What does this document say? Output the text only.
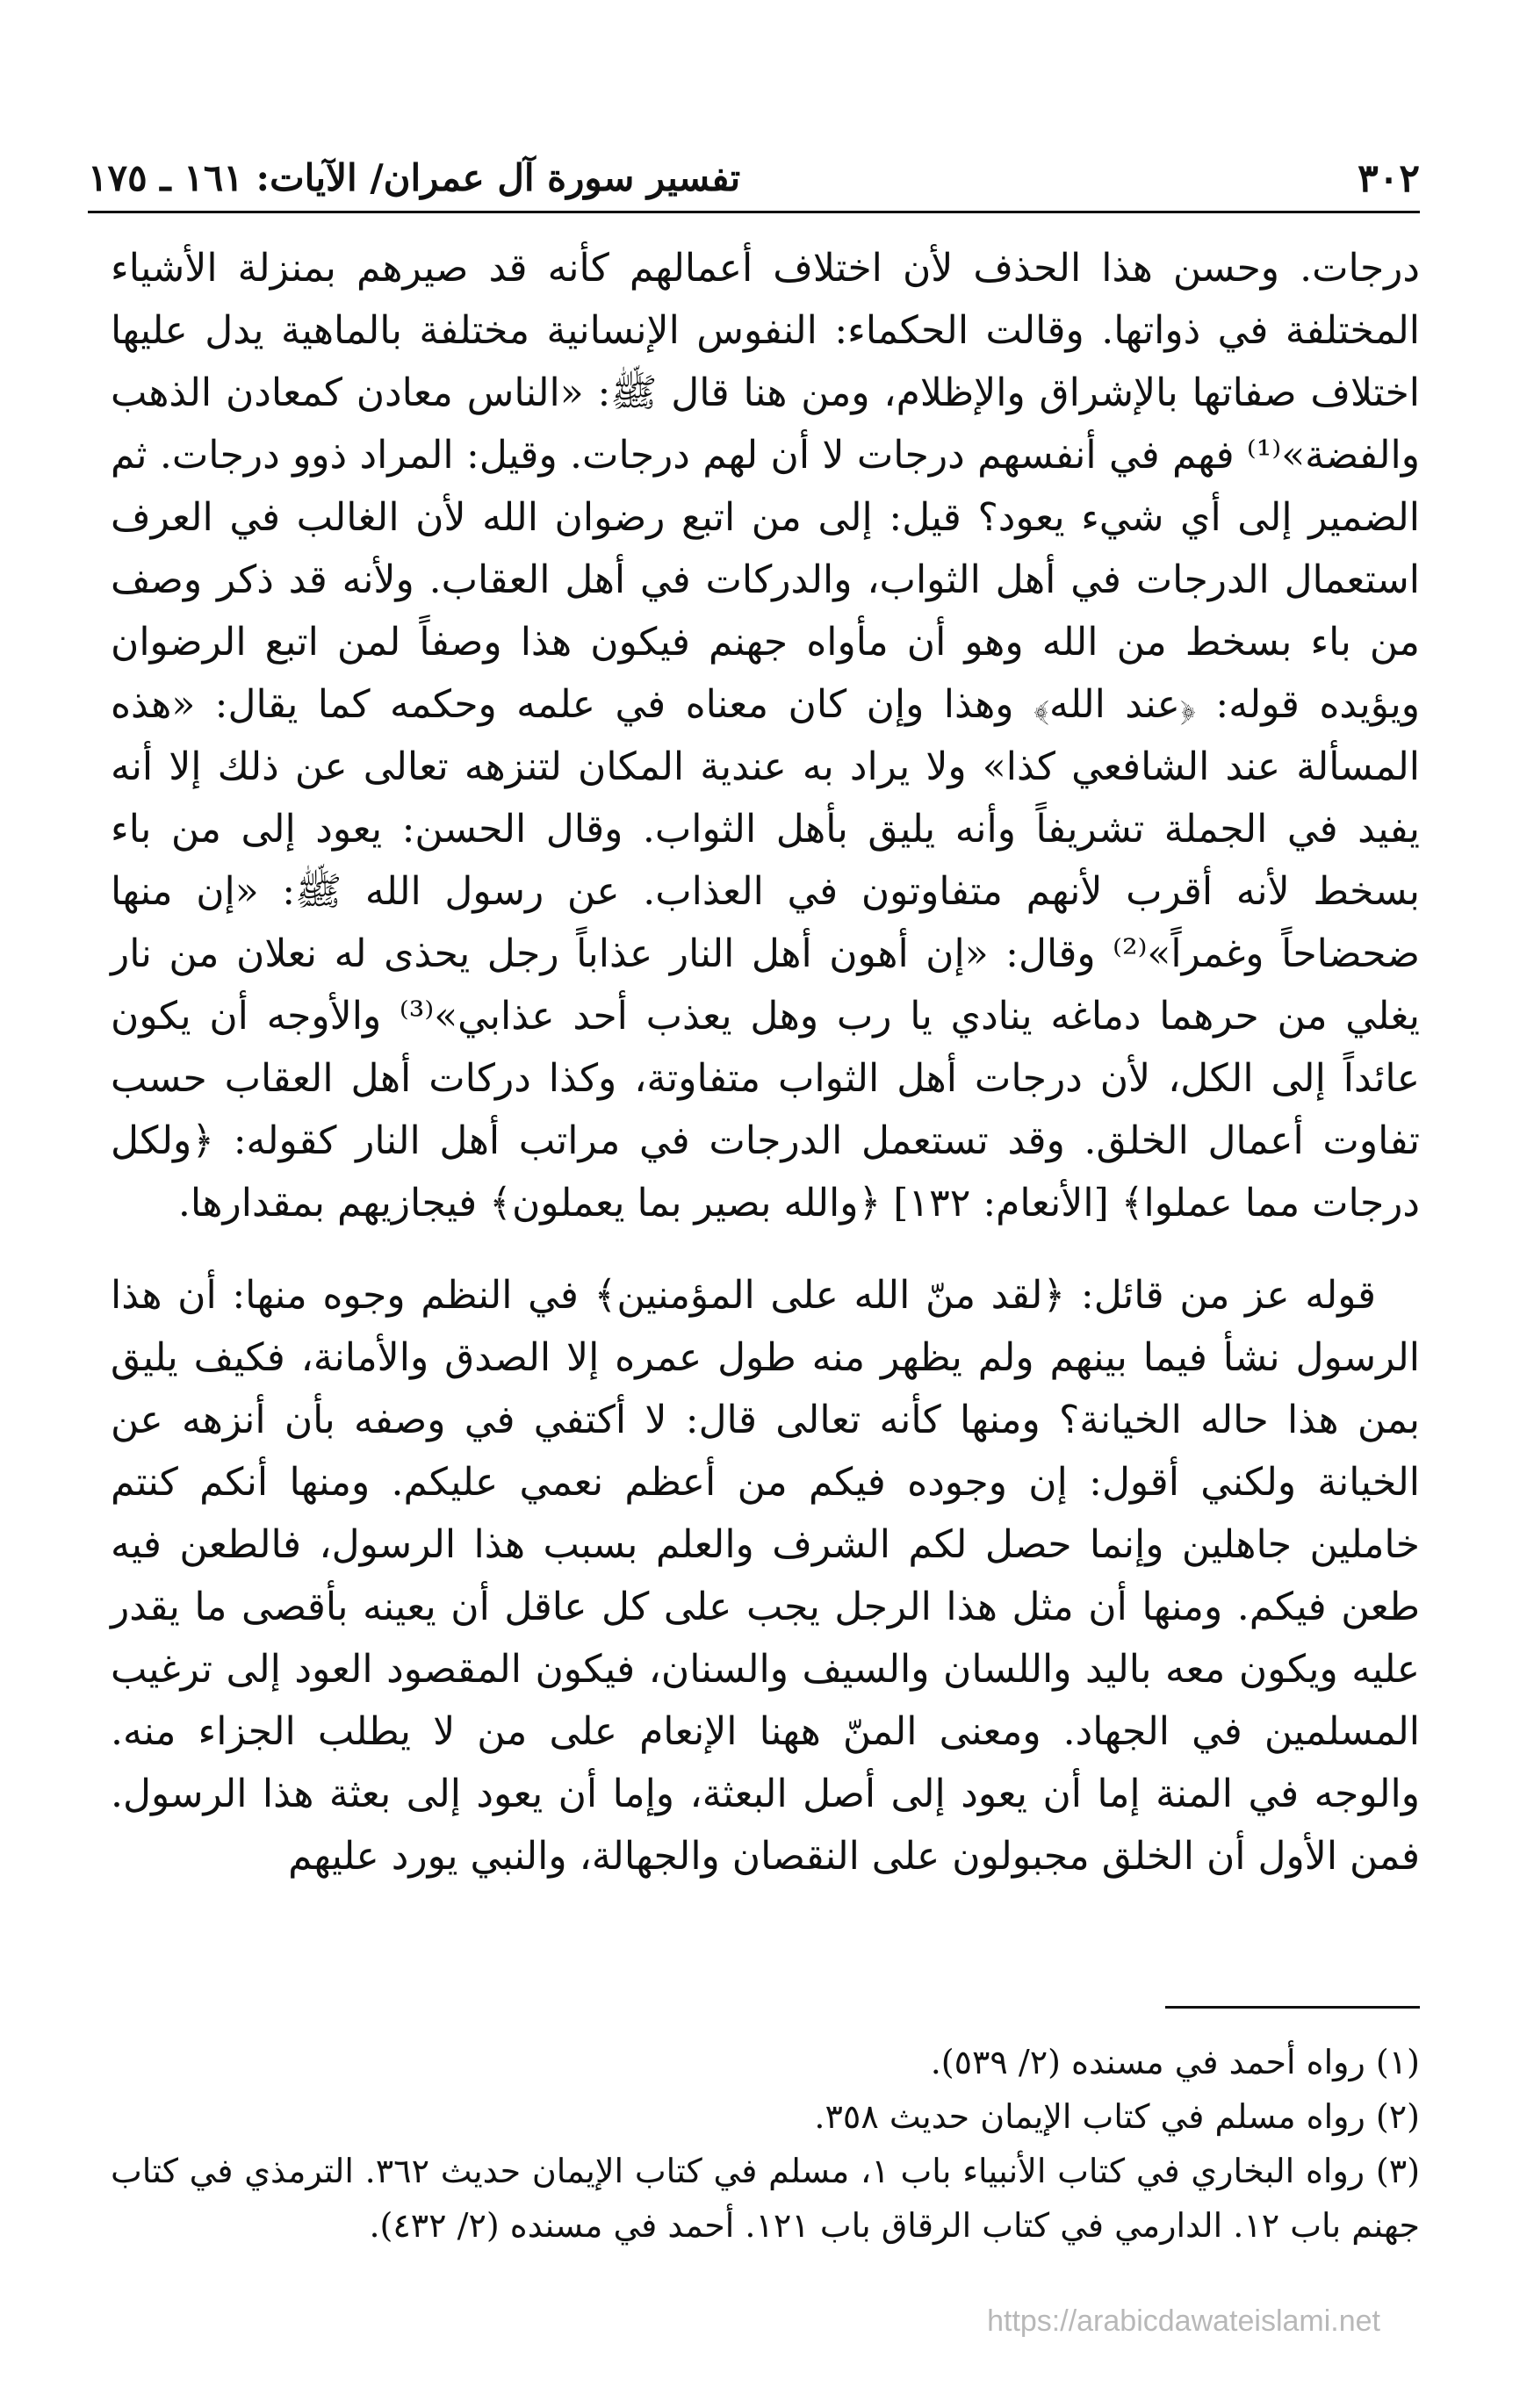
٣٠٢
تفسير سورة آل عمران/ الآيات: ١٦١ ـ ١٧٥

درجات. وحسن هذا الحذف لأن اختلاف أعمالهم كأنه قد صيرهم بمنزلة الأشياء المختلفة في ذواتها. وقالت الحكماء: النفوس الإنسانية مختلفة بالماهية يدل عليها اختلاف صفاتها بالإشراق والإظلام، ومن هنا قال ﷺ: «الناس معادن كمعادن الذهب والفضة»⁽¹⁾ فهم في أنفسهم درجات لا أن لهم درجات. وقيل: المراد ذوو درجات. ثم الضمير إلى أي شيء يعود؟ قيل: إلى من اتبع رضوان الله لأن الغالب في العرف استعمال الدرجات في أهل الثواب، والدركات في أهل العقاب. ولأنه قد ذكر وصف من باء بسخط من الله وهو أن مأواه جهنم فيكون هذا وصفاً لمن اتبع الرضوان ويؤيده قوله: ﴿عند الله﴾ وهذا وإن كان معناه في علمه وحكمه كما يقال: «هذه المسألة عند الشافعي كذا» ولا يراد به عندية المكان لتنزهه تعالى عن ذلك إلا أنه يفيد في الجملة تشريفاً وأنه يليق بأهل الثواب. وقال الحسن: يعود إلى من باء بسخط لأنه أقرب لأنهم متفاوتون في العذاب. عن رسول الله ﷺ: «إن منها ضحضاحاً وغمراً»⁽²⁾ وقال: «إن أهون أهل النار عذاباً رجل يحذى له نعلان من نار يغلي من حرهما دماغه ينادي يا رب وهل يعذب أحد عذابي»⁽³⁾ والأوجه أن يكون عائداً إلى الكل، لأن درجات أهل الثواب متفاوتة، وكذا دركات أهل العقاب حسب تفاوت أعمال الخلق. وقد تستعمل الدرجات في مراتب أهل النار كقوله: ﴿ولكل درجات مما عملوا﴾ [الأنعام: ١٣٢] ﴿والله بصير بما يعملون﴾ فيجازيهم بمقدارها.

قوله عز من قائل: ﴿لقد منّ الله على المؤمنين﴾ في النظم وجوه منها: أن هذا الرسول نشأ فيما بينهم ولم يظهر منه طول عمره إلا الصدق والأمانة، فكيف يليق بمن هذا حاله الخيانة؟ ومنها كأنه تعالى قال: لا أكتفي في وصفه بأن أنزهه عن الخيانة ولكني أقول: إن وجوده فيكم من أعظم نعمي عليكم. ومنها أنكم كنتم خاملين جاهلين وإنما حصل لكم الشرف والعلم بسبب هذا الرسول، فالطعن فيه طعن فيكم. ومنها أن مثل هذا الرجل يجب على كل عاقل أن يعينه بأقصى ما يقدر عليه ويكون معه باليد واللسان والسيف والسنان، فيكون المقصود العود إلى ترغيب المسلمين في الجهاد. ومعنى المنّ ههنا الإنعام على من لا يطلب الجزاء منه. والوجه في المنة إما أن يعود إلى أصل البعثة، وإما أن يعود إلى بعثة هذا الرسول. فمن الأول أن الخلق مجبولون على النقصان والجهالة، والنبي يورد عليهم

(١) رواه أحمد في مسنده (٢/ ٥٣٩).

(٢) رواه مسلم في كتاب الإيمان حديث ٣٥٨.

(٣) رواه البخاري في كتاب الأنبياء باب ١، مسلم في كتاب الإيمان حديث ٣٦٢. الترمذي في كتاب جهنم باب ١٢. الدارمي في كتاب الرقاق باب ١٢١. أحمد في مسنده (٢/ ٤٣٢).

https://arabicdawateislami.net
